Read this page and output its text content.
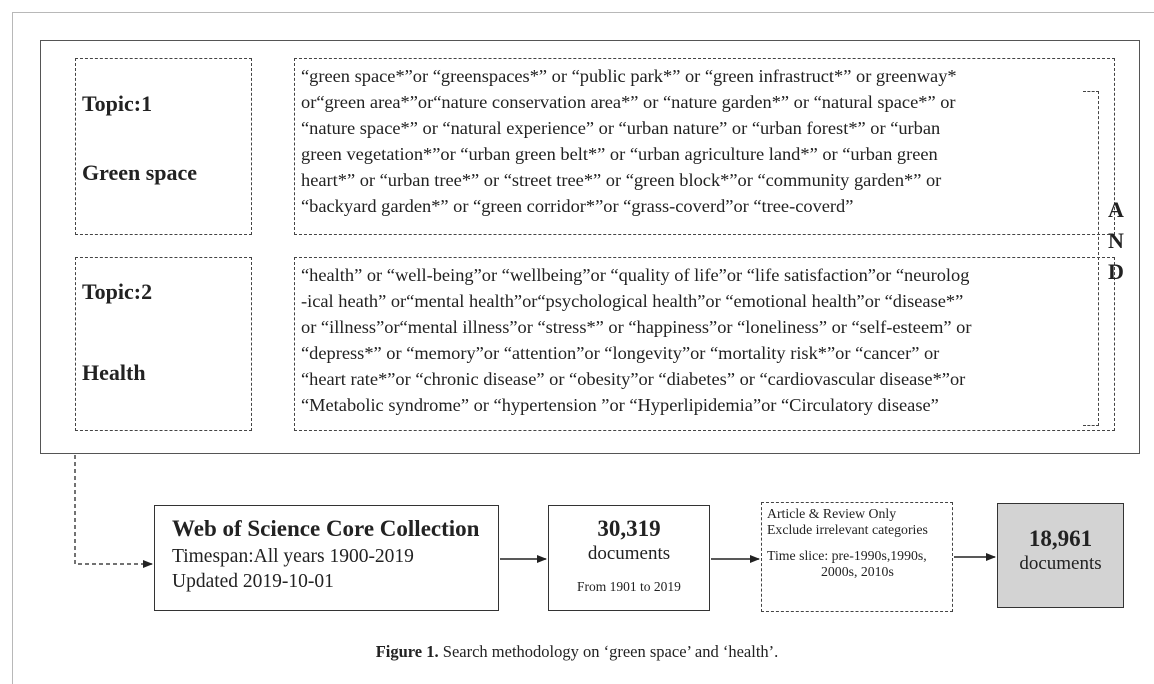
Topic:1
Green space
“green space*”or “greenspaces*” or “public park*” or “green infrastruct*” or greenway*
or“green area*”or“nature conservation area*” or “nature garden*” or “natural space*” or
“nature space*” or “natural experience” or “urban nature” or “urban forest*” or “urban
green vegetation*”or “urban green belt*” or “urban agriculture land*” or “urban green
heart*” or “urban tree*” or “street tree*” or “green block*”or “community garden*” or
“backyard garden*” or “green corridor*”or “grass-coverd”or “tree-coverd”
Topic:2
Health
“health” or “well-being”or “wellbeing”or “quality of life”or “life satisfaction”or “neurolog
-ical heath” or“mental health”or“psychological health”or “emotional health”or “disease*”
or “illness”or“mental illness”or “stress*” or “happiness”or “loneliness” or “self-esteem” or
“depress*” or “memory”or “attention”or “longevity”or “mortality risk*”or “cancer” or
“heart rate*”or “chronic disease” or “obesity”or “diabetes” or “cardiovascular disease*”or
“Metabolic syndrome” or “hypertension ”or “Hyperlipidemia”or “Circulatory disease”
A
N
D
Web of Science Core Collection
Timespan:All years 1900-2019
Updated 2019-10-01
30,319
documents
From 1901 to 2019
Article & Review Only
Exclude irrelevant categories
Time slice: pre-1990s,1990s,
2000s, 2010s
18,961
documents
Figure 1. Search methodology on ‘green space’ and ‘health’.
